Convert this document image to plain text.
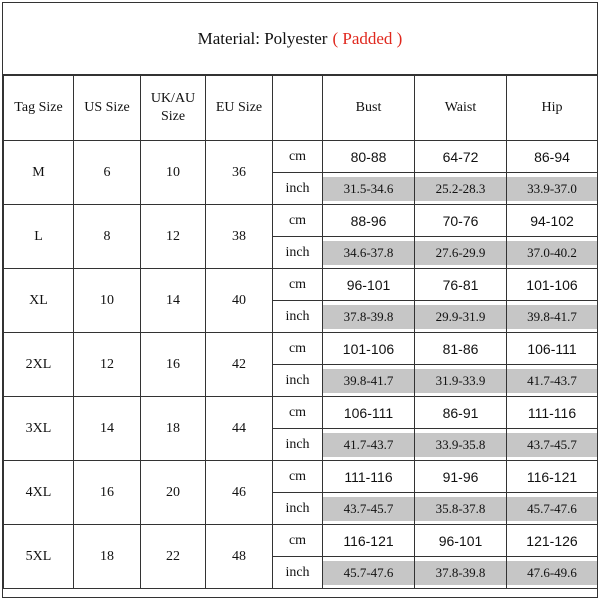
Material: Polyester ( Padded )
Tag Size	US Size	UK/AU Size	EU Size		Bust	Waist	Hip
M	6	10	36	cm	80-88	64-72	86-94
				inch	31.5-34.6	25.2-28.3	33.9-37.0

L	8	12	38	cm	88-96	70-76	94-102
				inch	34.6-37.8	27.6-29.9	37.0-40.2

XL	10	14	40	cm	96-101	76-81	101-106
				inch	37.8-39.8	29.9-31.9	39.8-41.7

2XL	12	16	42	cm	101-106	81-86	106-111
				inch	39.8-41.7	31.9-33.9	41.7-43.7

3XL	14	18	44	cm	106-111	86-91	111-116
				inch	41.7-43.7	33.9-35.8	43.7-45.7

4XL	16	20	46	cm	111-116	91-96	116-121
				inch	43.7-45.7	35.8-37.8	45.7-47.6

5XL	18	22	48	cm	116-121	96-101	121-126
				inch	45.7-47.6	37.8-39.8	47.6-49.6
